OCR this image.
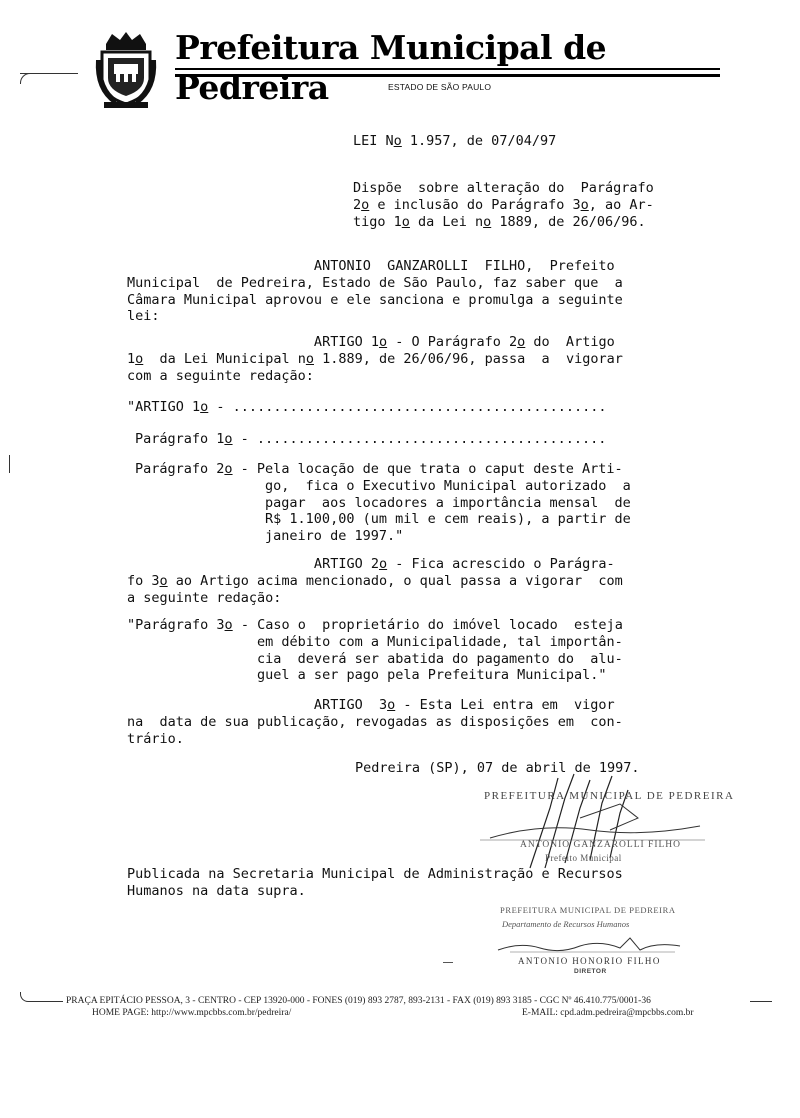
Prefeitura Municipal de Pedreira	ESTADO DE SÃO PAULO

LEI No 1.957, de 07/04/97

Dispõe  sobre alteração do  Parágrafo
2o e inclusão do Parágrafo 3o, ao Ar-
tigo 1o da Lei no 1889, de 26/06/96.

ANTONIO  GANZAROLLI  FILHO,  Prefeito
Municipal  de Pedreira, Estado de São Paulo, faz saber que  a
Câmara Municipal aprovou e ele sanciona e promulga a seguinte
lei:

ARTIGO 1o - O Parágrafo 2o do  Artigo
1o  da Lei Municipal no 1.889, de 26/06/96, passa  a  vigorar
com a seguinte redação:

"ARTIGO 1o - ..............................................

Parágrafo 1o - ...........................................

Parágrafo 2o - Pela locação de que trata o caput deste Arti-
go,  fica o Executivo Municipal autorizado  a
pagar  aos locadores a importância mensal  de
R$ 1.100,00 (um mil e cem reais), a partir de
janeiro de 1997."

ARTIGO 2o - Fica acrescido o Parágra-
fo 3o ao Artigo acima mencionado, o qual passa a vigorar  com
a seguinte redação:

"Parágrafo 3o - Caso o  proprietário do imóvel locado  esteja
em débito com a Municipalidade, tal importân-
cia  deverá ser abatida do pagamento do  alu-
guel a ser pago pela Prefeitura Municipal."

ARTIGO  3o - Esta Lei entra em  vigor
na  data de sua publicação, revogadas as disposições em  con-
trário.

Pedreira (SP), 07 de abril de 1997.

PREFEITURA MUNICIPAL DE PEDREIRA
ANTONIO GANZAROLLI FILHO
Prefeito Municipal

Publicada na Secretaria Municipal de Administração e Recursos
Humanos na data supra.

PREFEITURA MUNICIPAL DE PEDREIRA
Departamento de Recursos Humanos
ANTONIO HONORIO FILHO
DIRETOR
PRAÇA EPITÁCIO PESSOA, 3 - CENTRO - CEP 13920-000 - FONES (019) 893 2787, 893-2131 - FAX (019) 893 3185 - CGC Nº 46.410.775/0001-36
HOME PAGE: http://www.mpcbbs.com.br/pedreira/	E-MAIL: cpd.adm.pedreira@mpcbbs.com.br
